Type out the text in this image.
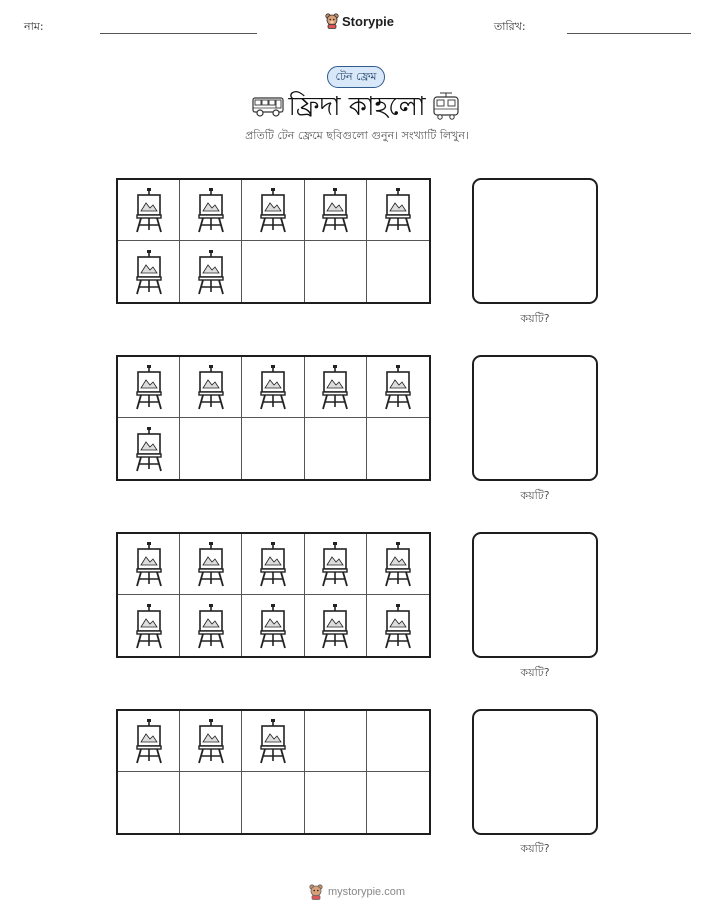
নাম:	Storypie	তারিখ:
টেন ফ্রেম
ফ্রিদা কাহলো
প্রতিটি টেন ফ্রেমে ছবিগুলো গুনুন। সংখ্যাটি লিখুন।
কয়টি?
কয়টি?
কয়টি?
কয়টি?
mystorypie.com
